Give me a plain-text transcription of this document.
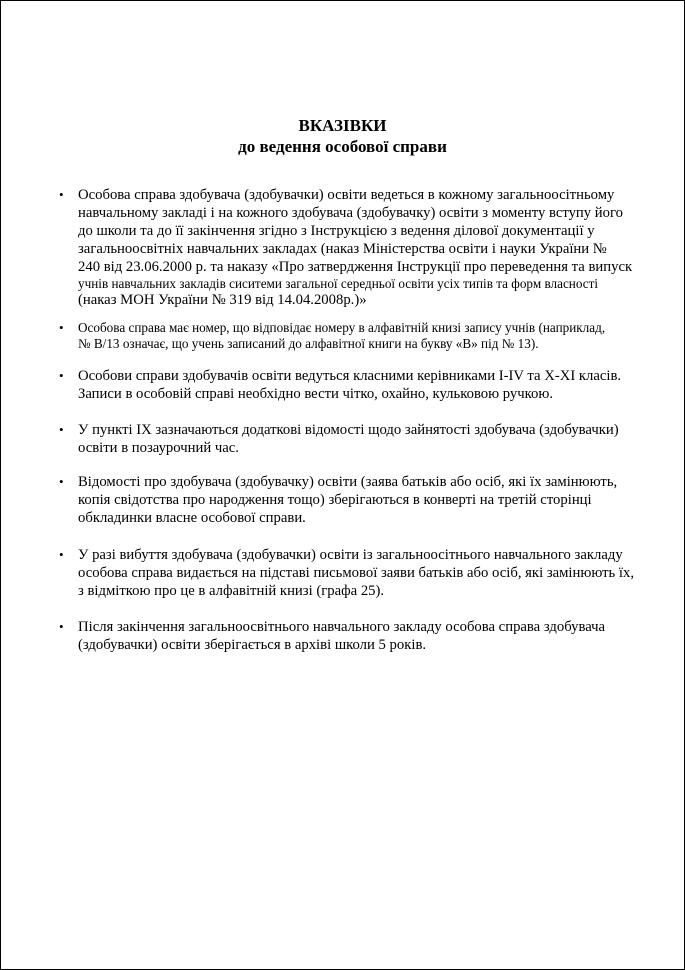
ВКАЗІВКИ
до ведення особової справи
• Особова справа здобувача (здобувачки) освіти ведеться в кожному загальноосітньому
навчальному закладі і на кожного здобувача (здобувачку) освіти з моменту вступу його
до школи та до її закінчення згідно з Інструкцією з ведення ділової документації у
загальноосвітніх навчальних закладах (наказ Міністерства освіти і науки України №
240 від 23.06.2000 р. та наказу «Про затвердження Інструкції про переведення та випуск
учнів навчальних закладів сиситеми загальної середньої освіти усіх типів та форм власності
(наказ МОН України № 319 від 14.04.2008р.)»
• Особова справа має номер, що відповідає номеру в алфавітній книзі запису учнів (наприклад,
№ В/13 означає, що учень записаний до алфавітної книги на букву «В» під № 13).
• Особови справи здобувачів освіти ведуться класними керівниками І-ІV та Х-ХІ класів.
Записи в особовій справі необхідно вести чітко, охайно, кульковою ручкою.
• У пункті ІХ зазначаються додаткові відомості щодо зайнятості здобувача (здобувачки)
освіти в позаурочний час.
• Відомості про здобувача (здобувачку) освіти (заява батьків або осіб, які їх замінюють,
копія свідотства про народження тощо) зберігаються в конверті на третій сторінці
обкладинки власне особової справи.
• У разі вибуття здобувача (здобувачки) освіти із загальноосітнього навчального закладу
особова справа видається на підставі письмової заяви батьків або осіб, які замінюють їх,
з відміткою про це в алфавітній книзі (графа 25).
• Після закінчення загальноосвітнього навчального закладу особова справа здобувача
(здобувачки) освіти зберігається в архіві школи 5 років.
